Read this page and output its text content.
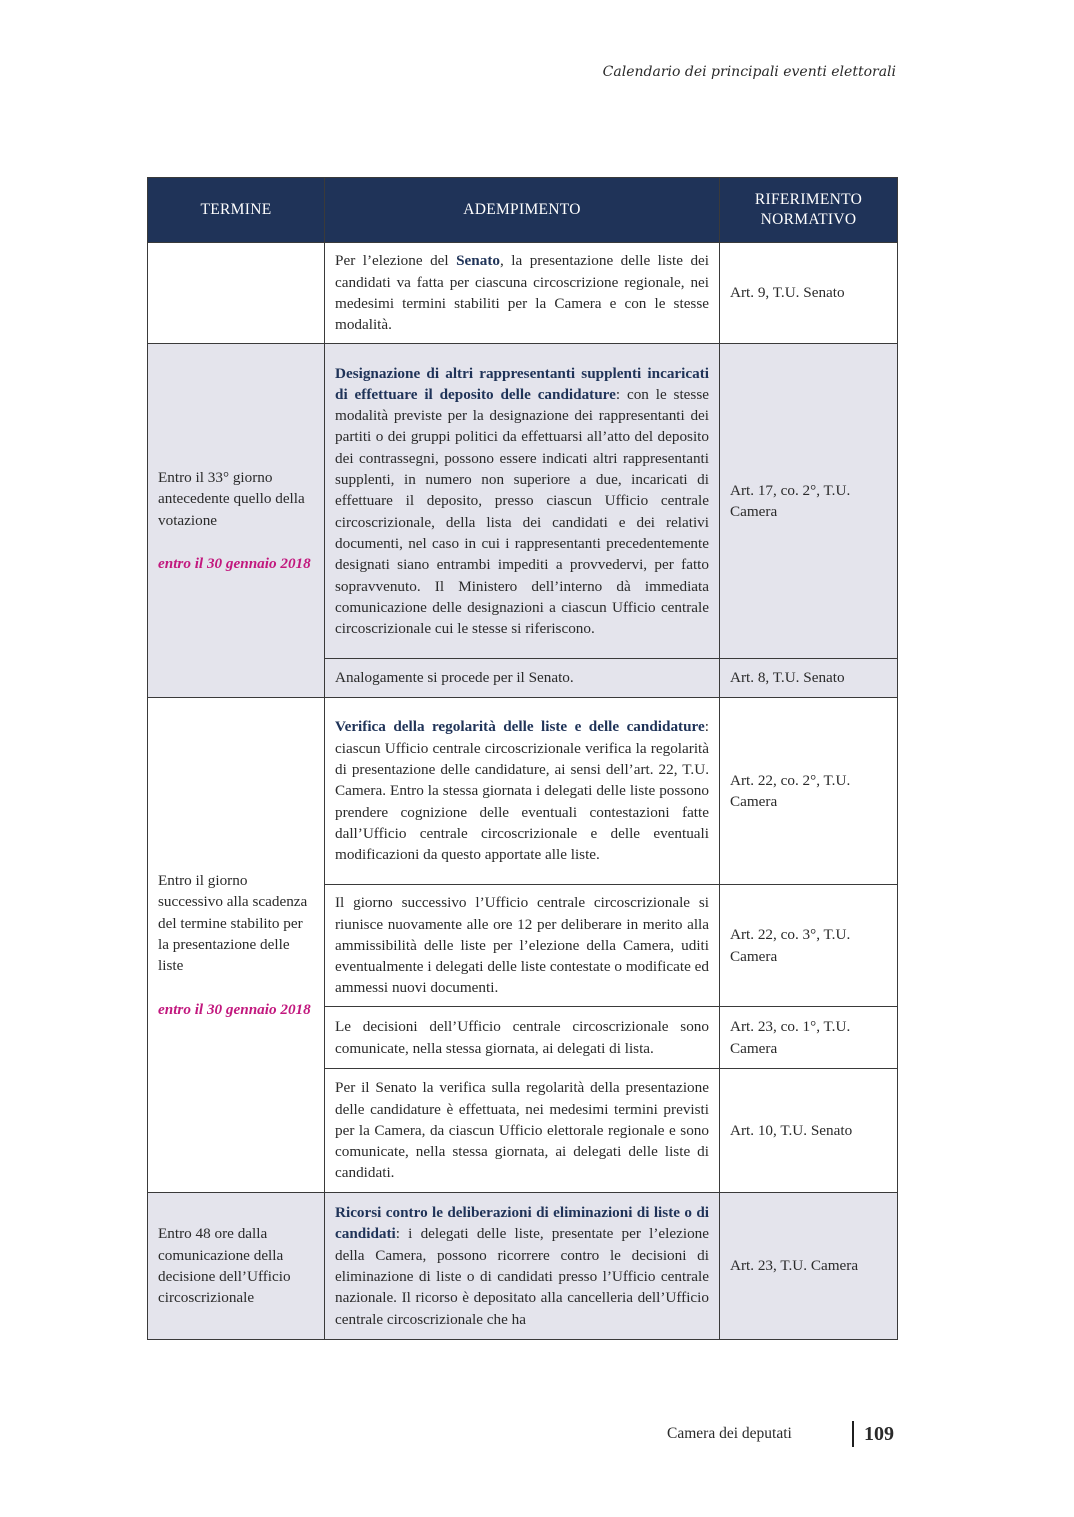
Calendario dei principali eventi elettorali
TERMINE	ADEMPIMENTO	RIFERIMENTO NORMATIVO
	Per l’elezione del Senato, la presentazione delle liste dei candidati va fatta per ciascuna circoscrizione regionale, nei medesimi termini stabiliti per la Camera e con le stesse modalità.	Art. 9, T.U. Senato
Entro il 33° giorno antecedente quello della votazione
entro il 30 gennaio 2018	Designazione di altri rappresentanti supplenti incaricati di effettuare il deposito delle candidature: con le stesse modalità previste per la designazione dei rappresentanti dei partiti o dei gruppi politici da effettuarsi all’atto del deposito dei contrassegni, possono essere indicati altri rappresentanti supplenti, in numero non superiore a due, incaricati di effettuare il deposito, presso ciascun Ufficio centrale circoscrizionale, della lista dei candidati e dei relativi documenti, nel caso in cui i rappresentanti precedentemente designati siano entrambi impediti a provvedervi, per fatto sopravvenuto. Il Ministero dell’interno dà immediata comunicazione delle designazioni a ciascun Ufficio centrale circoscrizionale cui le stesse si riferiscono.	Art. 17, co. 2°, T.U. Camera
	Analogamente si procede per il Senato.	Art. 8, T.U. Senato
Entro il giorno successivo alla scadenza del termine stabilito per la presentazione delle liste
entro il 30 gennaio 2018	Verifica della regolarità delle liste e delle candidature: ciascun Ufficio centrale circoscrizionale verifica la regolarità di presentazione delle candidature, ai sensi dell’art. 22, T.U. Camera. Entro la stessa giornata i delegati delle liste possono prendere cognizione delle eventuali contestazioni fatte dall’Ufficio centrale circoscrizionale e delle eventuali modificazioni da questo apportate alle liste.	Art. 22, co. 2°, T.U. Camera
	Il giorno successivo l’Ufficio centrale circoscrizionale si riunisce nuovamente alle ore 12 per deliberare in merito alla ammissibilità delle liste per l’elezione della Camera, uditi eventualmente i delegati delle liste contestate o modificate ed ammessi nuovi documenti.	Art. 22, co. 3°, T.U. Camera
	Le decisioni dell’Ufficio centrale circoscrizionale sono comunicate, nella stessa giornata, ai delegati di lista.	Art. 23, co. 1°, T.U. Camera
	Per il Senato la verifica sulla regolarità della presentazione delle candidature è effettuata, nei medesimi termini previsti per la Camera, da ciascun Ufficio elettorale regionale e sono comunicate, nella stessa giornata, ai delegati delle liste di candidati.	Art. 10, T.U. Senato
Entro 48 ore dalla comunicazione della decisione dell’Ufficio circoscrizionale	Ricorsi contro le deliberazioni di eliminazioni di liste o di candidati: i delegati delle liste, presentate per l’elezione della Camera, possono ricorrere contro le decisioni di eliminazione di liste o di candidati presso l’Ufficio centrale nazionale. Il ricorso è depositato alla cancelleria dell’Ufficio centrale circoscrizionale che ha	Art. 23, T.U. Camera
Camera dei deputati	109
